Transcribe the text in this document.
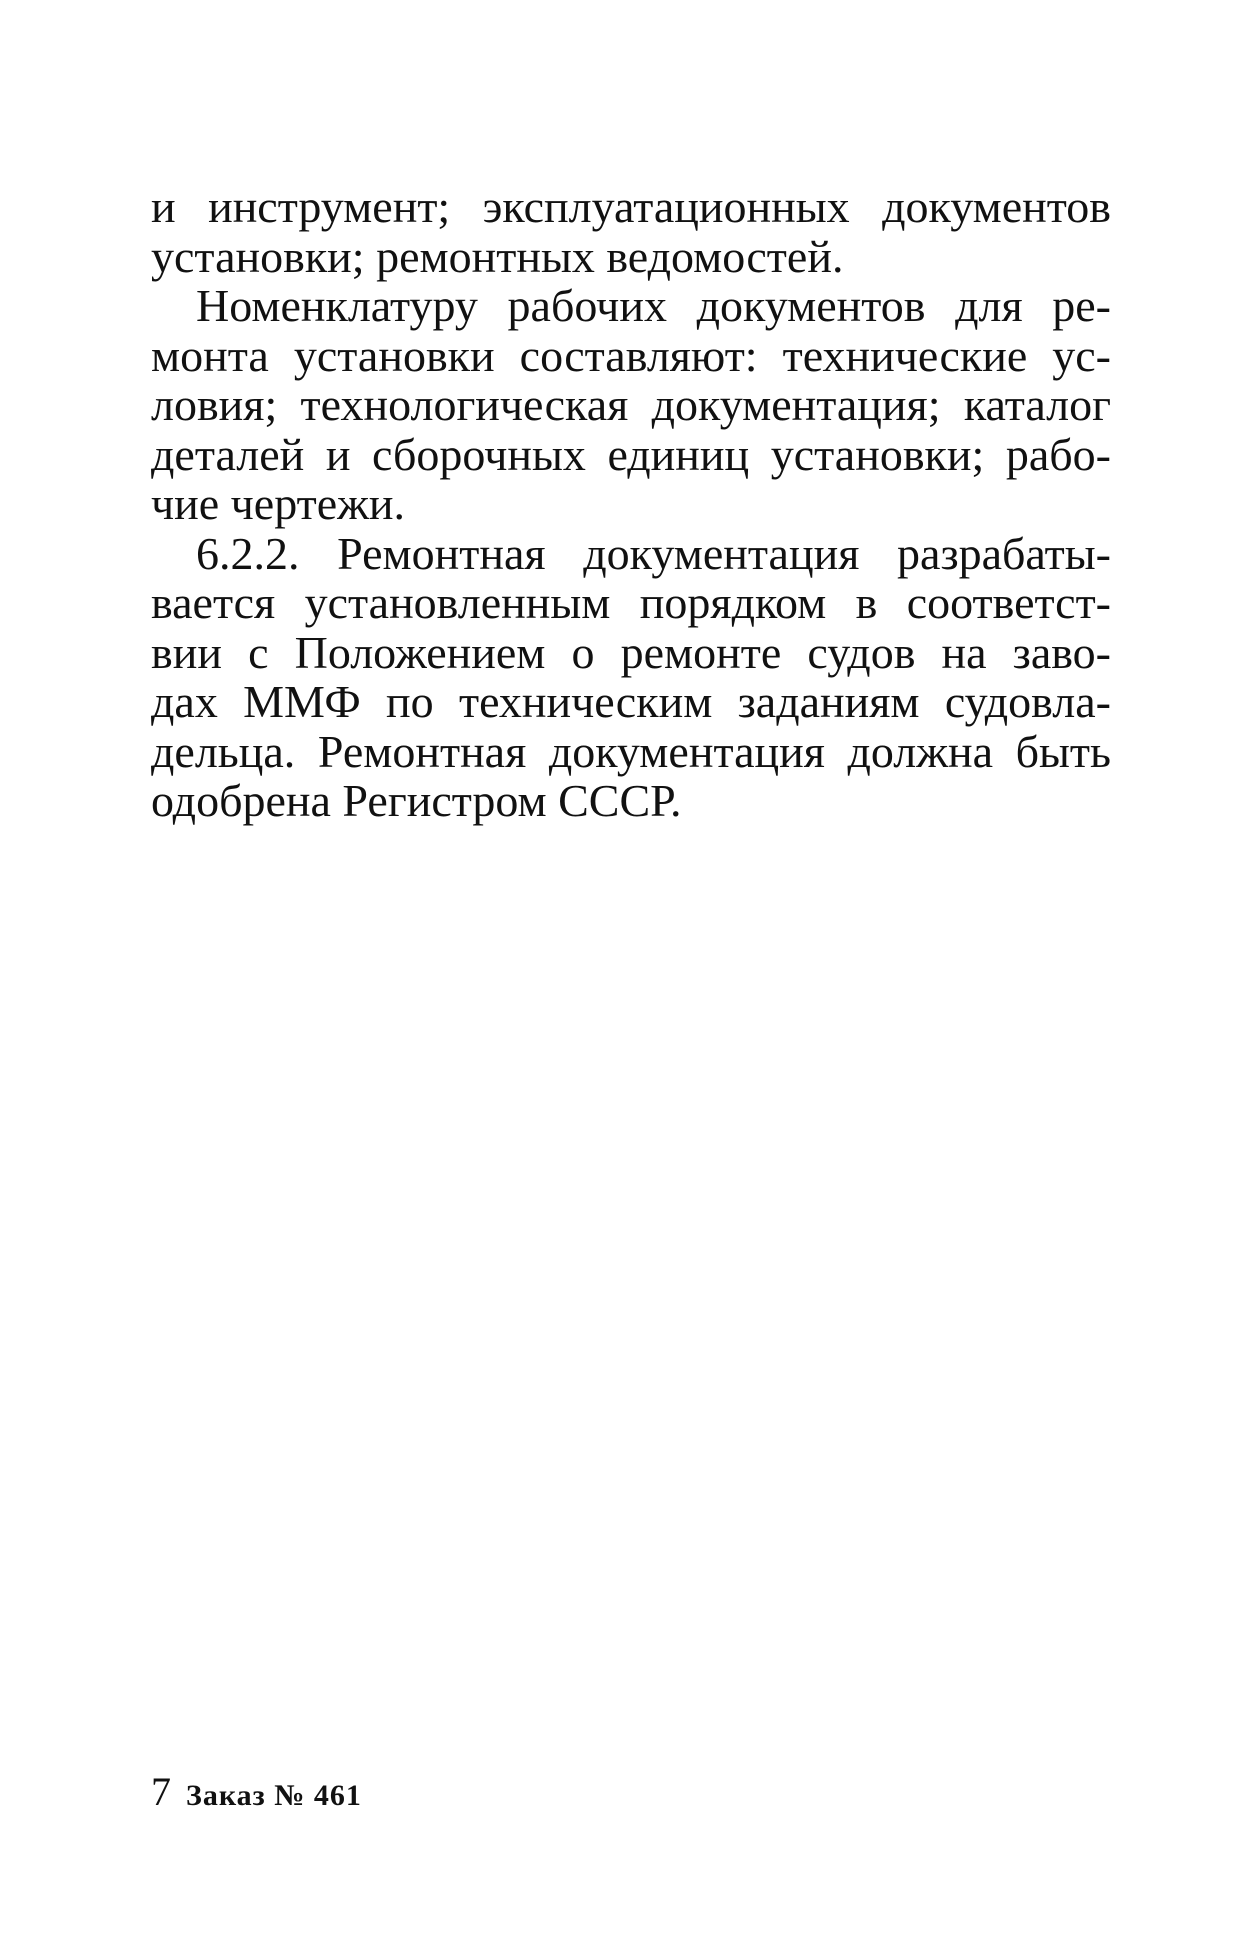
и инструмент; эксплуатационных документов
установки; ремонтных ведомостей.
Номенклатуру рабочих документов для ре-
монта установки составляют: технические ус-
ловия; технологическая документация; каталог
деталей и сборочных единиц установки; рабо-
чие чертежи.
6.2.2. Ремонтная документация разрабаты-
вается установленным порядком в соответст-
вии с Положением о ремонте судов на заво-
дах ММФ по техническим заданиям судовла-
дельца. Ремонтная документация должна быть
одобрена Регистром СССР.
7 Заказ № 461
